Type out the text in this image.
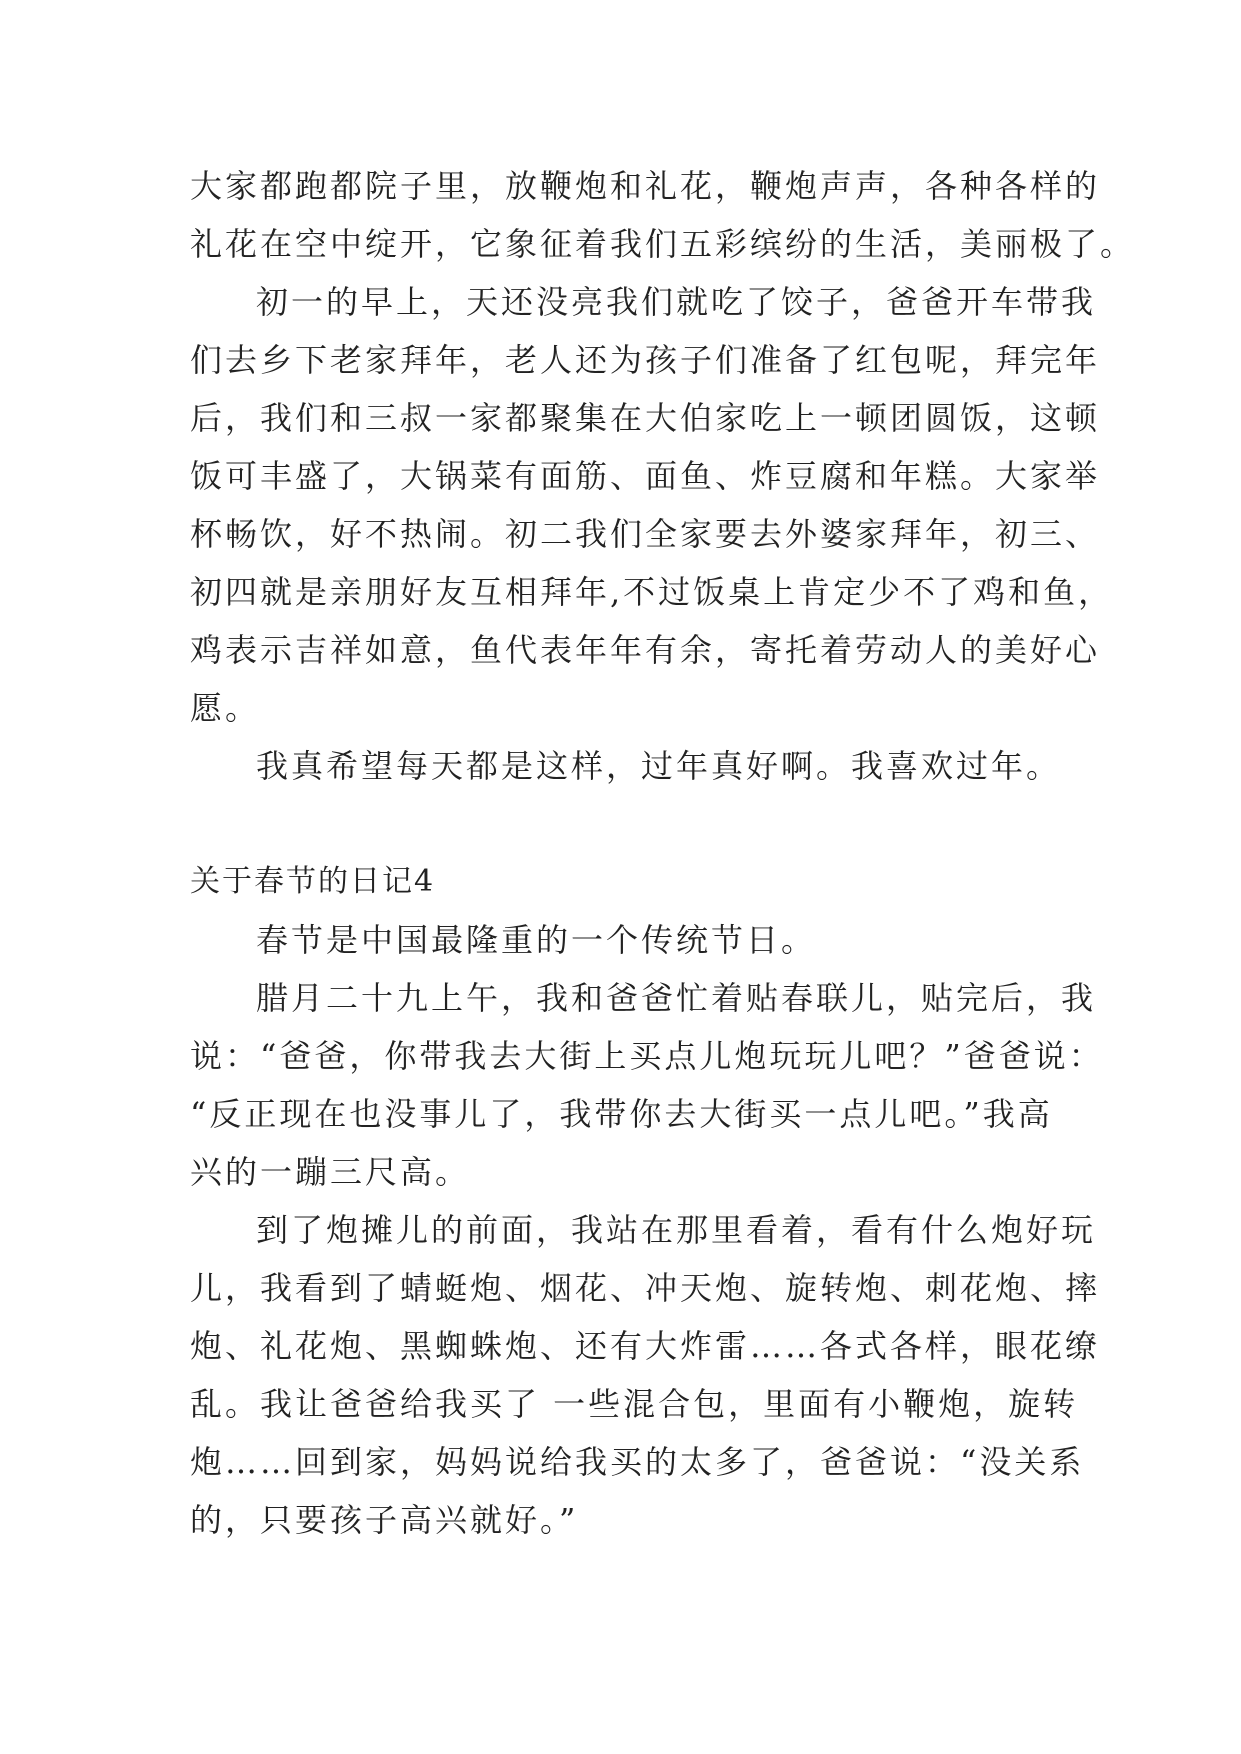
大家都跑都院子里，放鞭炮和礼花，鞭炮声声，各种各样的
礼花在空中绽开，它象征着我们五彩缤纷的生活，美丽极了。
初一的早上，天还没亮我们就吃了饺子，爸爸开车带我
们去乡下老家拜年，老人还为孩子们准备了红包呢，拜完年
后，我们和三叔一家都聚集在大伯家吃上一顿团圆饭，这顿
饭可丰盛了，大锅菜有面筋、面鱼、炸豆腐和年糕。大家举
杯畅饮，好不热闹。初二我们全家要去外婆家拜年，初三、
初四就是亲朋好友互相拜年,不过饭桌上肯定少不了鸡和鱼，
鸡表示吉祥如意，鱼代表年年有余，寄托着劳动人的美好心
愿。
我真希望每天都是这样，过年真好啊。我喜欢过年。
关于春节的日记4
春节是中国最隆重的一个传统节日。
腊月二十九上午，我和爸爸忙着贴春联儿，贴完后，我
说：“爸爸，你带我去大街上买点儿炮玩玩儿吧？”爸爸说：
“反正现在也没事儿了，我带你去大街买一点儿吧。”我高
兴的一蹦三尺高。
到了炮摊儿的前面，我站在那里看着，看有什么炮好玩
儿，我看到了蜻蜓炮、烟花、冲天炮、旋转炮、刺花炮、摔
炮、礼花炮、黑蜘蛛炮、还有大炸雷……各式各样，眼花缭
乱。我让爸爸给我买了 一些混合包，里面有小鞭炮，旋转
炮……回到家，妈妈说给我买的太多了，爸爸说：“没关系
的，只要孩子高兴就好。”
